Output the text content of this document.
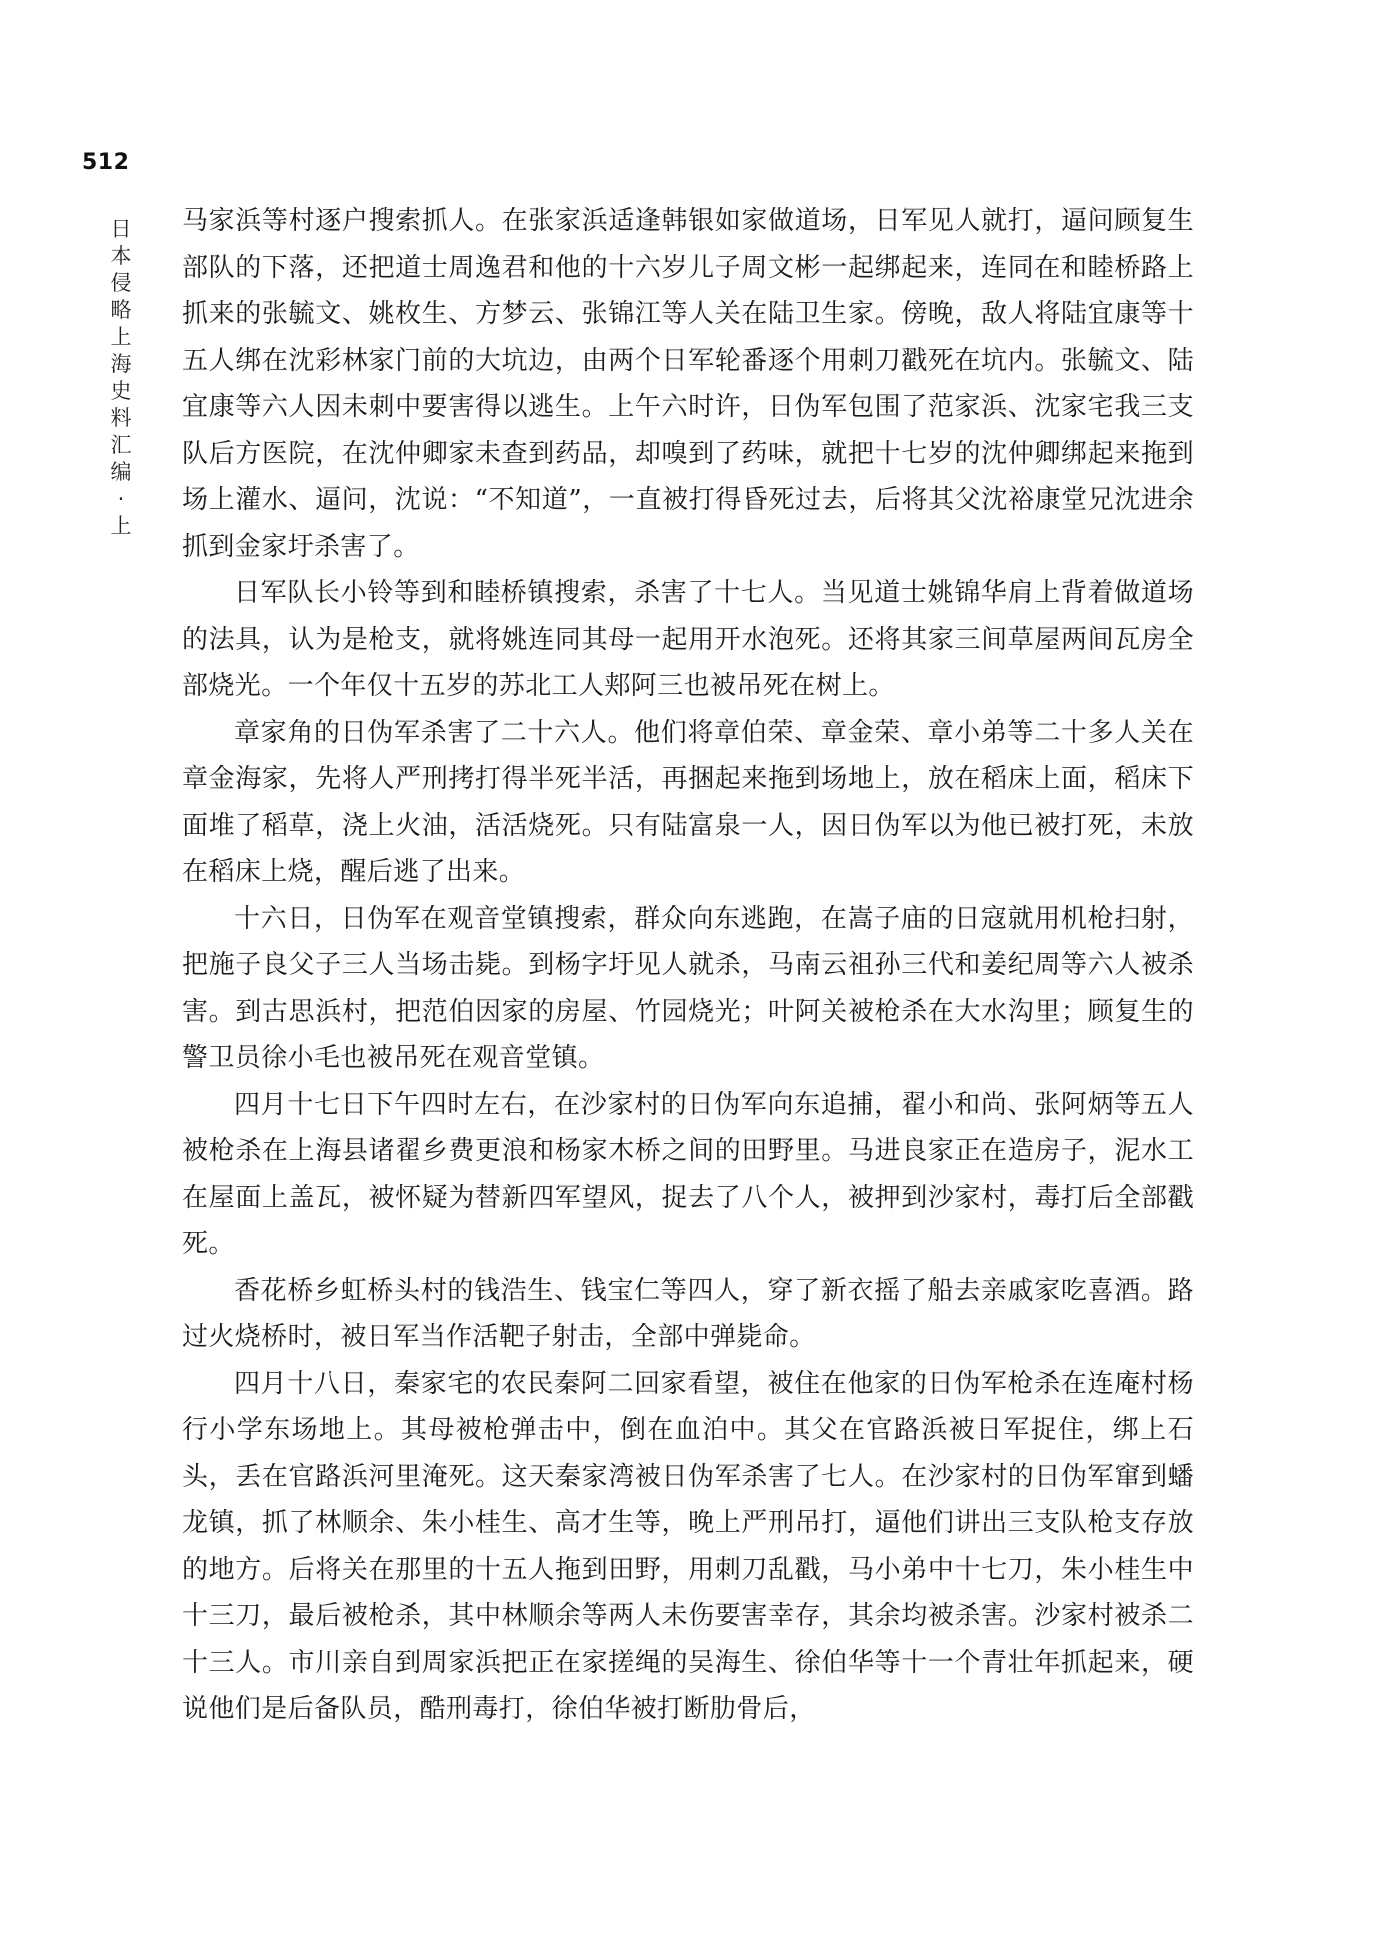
512
日本侵略上海史料汇编·上

马家浜等村逐户搜索抓人。在张家浜适逢韩银如家做道场，日军见人就打，逼问顾复生部队的下落，还把道士周逸君和他的十六岁儿子周文彬一起绑起来，连同在和睦桥路上抓来的张毓文、姚枚生、方梦云、张锦江等人关在陆卫生家。傍晚，敌人将陆宜康等十五人绑在沈彩林家门前的大坑边，由两个日军轮番逐个用刺刀戳死在坑内。张毓文、陆宜康等六人因未刺中要害得以逃生。上午六时许，日伪军包围了范家浜、沈家宅我三支队后方医院，在沈仲卿家未查到药品，却嗅到了药味，就把十七岁的沈仲卿绑起来拖到场上灌水、逼问，沈说：“不知道”，一直被打得昏死过去，后将其父沈裕康堂兄沈进余抓到金家圩杀害了。

日军队长小铃等到和睦桥镇搜索，杀害了十七人。当见道士姚锦华肩上背着做道场的法具，认为是枪支，就将姚连同其母一起用开水泡死。还将其家三间草屋两间瓦房全部烧光。一个年仅十五岁的苏北工人郏阿三也被吊死在树上。

章家角的日伪军杀害了二十六人。他们将章伯荣、章金荣、章小弟等二十多人关在章金海家，先将人严刑拷打得半死半活，再捆起来拖到场地上，放在稻床上面，稻床下面堆了稻草，浇上火油，活活烧死。只有陆富泉一人，因日伪军以为他已被打死，未放在稻床上烧，醒后逃了出来。

十六日，日伪军在观音堂镇搜索，群众向东逃跑，在嵩子庙的日寇就用机枪扫射，把施子良父子三人当场击毙。到杨字圩见人就杀，马南云祖孙三代和姜纪周等六人被杀害。到古思浜村，把范伯因家的房屋、竹园烧光；叶阿关被枪杀在大水沟里；顾复生的警卫员徐小毛也被吊死在观音堂镇。

四月十七日下午四时左右，在沙家村的日伪军向东追捕，翟小和尚、张阿炳等五人被枪杀在上海县诸翟乡费更浪和杨家木桥之间的田野里。马进良家正在造房子，泥水工在屋面上盖瓦，被怀疑为替新四军望风，捉去了八个人，被押到沙家村，毒打后全部戳死。

香花桥乡虹桥头村的钱浩生、钱宝仁等四人，穿了新衣摇了船去亲戚家吃喜酒。路过火烧桥时，被日军当作活靶子射击，全部中弹毙命。

四月十八日，秦家宅的农民秦阿二回家看望，被住在他家的日伪军枪杀在连庵村杨行小学东场地上。其母被枪弹击中，倒在血泊中。其父在官路浜被日军捉住，绑上石头，丢在官路浜河里淹死。这天秦家湾被日伪军杀害了七人。在沙家村的日伪军窜到蟠龙镇，抓了林顺余、朱小桂生、高才生等，晚上严刑吊打，逼他们讲出三支队枪支存放的地方。后将关在那里的十五人拖到田野，用刺刀乱戳，马小弟中十七刀，朱小桂生中十三刀，最后被枪杀，其中林顺余等两人未伤要害幸存，其余均被杀害。沙家村被杀二十三人。市川亲自到周家浜把正在家搓绳的吴海生、徐伯华等十一个青壮年抓起来，硬说他们是后备队员，酷刑毒打，徐伯华被打断肋骨后，
